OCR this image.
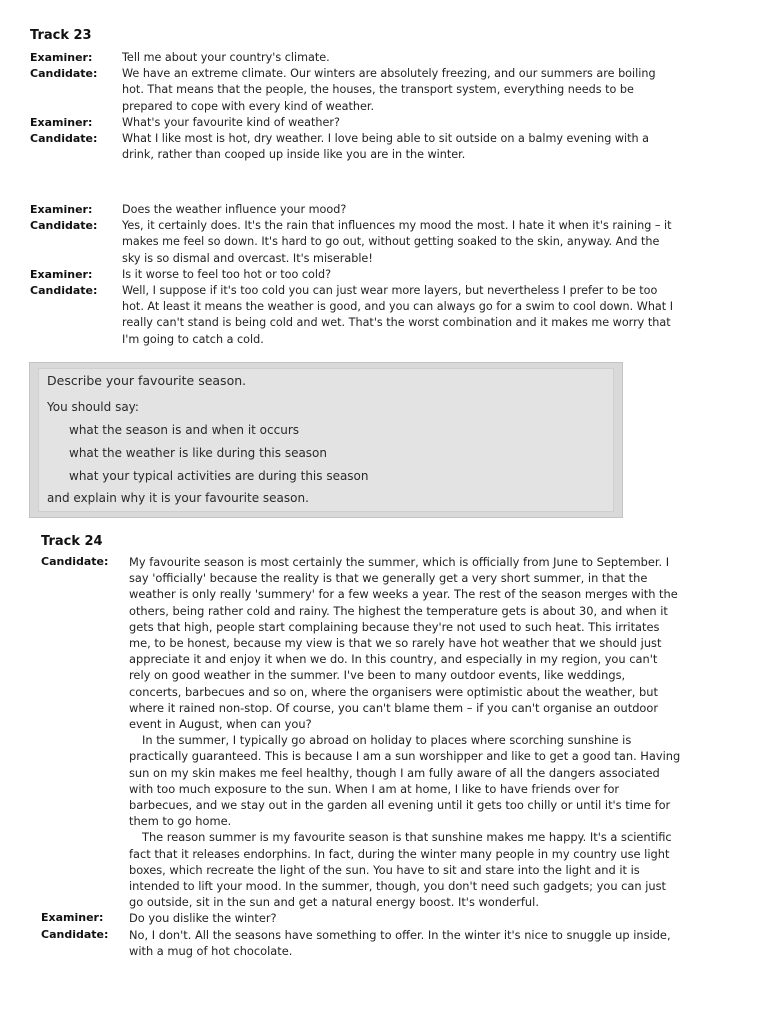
Track 23
Examiner:	Tell me about your country's climate.
Candidate:	We have an extreme climate. Our winters are absolutely freezing, and our summers are boiling hot. That means that the people, the houses, the transport system, everything needs to be prepared to cope with every kind of weather.
Examiner:	What's your favourite kind of weather?
Candidate:	What I like most is hot, dry weather. I love being able to sit outside on a balmy evening with a drink, rather than cooped up inside like you are in the winter.
Examiner:	Does the weather influence your mood?
Candidate:	Yes, it certainly does. It's the rain that influences my mood the most. I hate it when it's raining – it makes me feel so down. It's hard to go out, without getting soaked to the skin, anyway. And the sky is so dismal and overcast. It's miserable!
Examiner:	Is it worse to feel too hot or too cold?
Candidate:	Well, I suppose if it's too cold you can just wear more layers, but nevertheless I prefer to be too hot. At least it means the weather is good, and you can always go for a swim to cool down. What I really can't stand is being cold and wet. That's the worst combination and it makes me worry that I'm going to catch a cold.
Describe your favourite season.
You should say:
what the season is and when it occurs
what the weather is like during this season
what your typical activities are during this season
and explain why it is your favourite season.
Track 24
Candidate:	My favourite season is most certainly the summer, which is officially from June to September. I say 'officially' because the reality is that we generally get a very short summer, in that the weather is only really 'summery' for a few weeks a year. The rest of the season merges with the others, being rather cold and rainy. The highest the temperature gets is about 30, and when it gets that high, people start complaining because they're not used to such heat. This irritates me, to be honest, because my view is that we so rarely have hot weather that we should just appreciate it and enjoy it when we do. In this country, and especially in my region, you can't rely on good weather in the summer. I've been to many outdoor events, like weddings, concerts, barbecues and so on, where the organisers were optimistic about the weather, but where it rained non-stop. Of course, you can't blame them – if you can't organise an outdoor event in August, when can you?

In the summer, I typically go abroad on holiday to places where scorching sunshine is practically guaranteed. This is because I am a sun worshipper and like to get a good tan. Having sun on my skin makes me feel healthy, though I am fully aware of all the dangers associated with too much exposure to the sun. When I am at home, I like to have friends over for barbecues, and we stay out in the garden all evening until it gets too chilly or until it's time for them to go home.

The reason summer is my favourite season is that sunshine makes me happy. It's a scientific fact that it releases endorphins. In fact, during the winter many people in my country use light boxes, which recreate the light of the sun. You have to sit and stare into the light and it is intended to lift your mood. In the summer, though, you don't need such gadgets; you can just go outside, sit in the sun and get a natural energy boost. It's wonderful.

Examiner:	Do you dislike the winter?
Candidate:	No, I don't. All the seasons have something to offer. In the winter it's nice to snuggle up inside, with a mug of hot chocolate.
